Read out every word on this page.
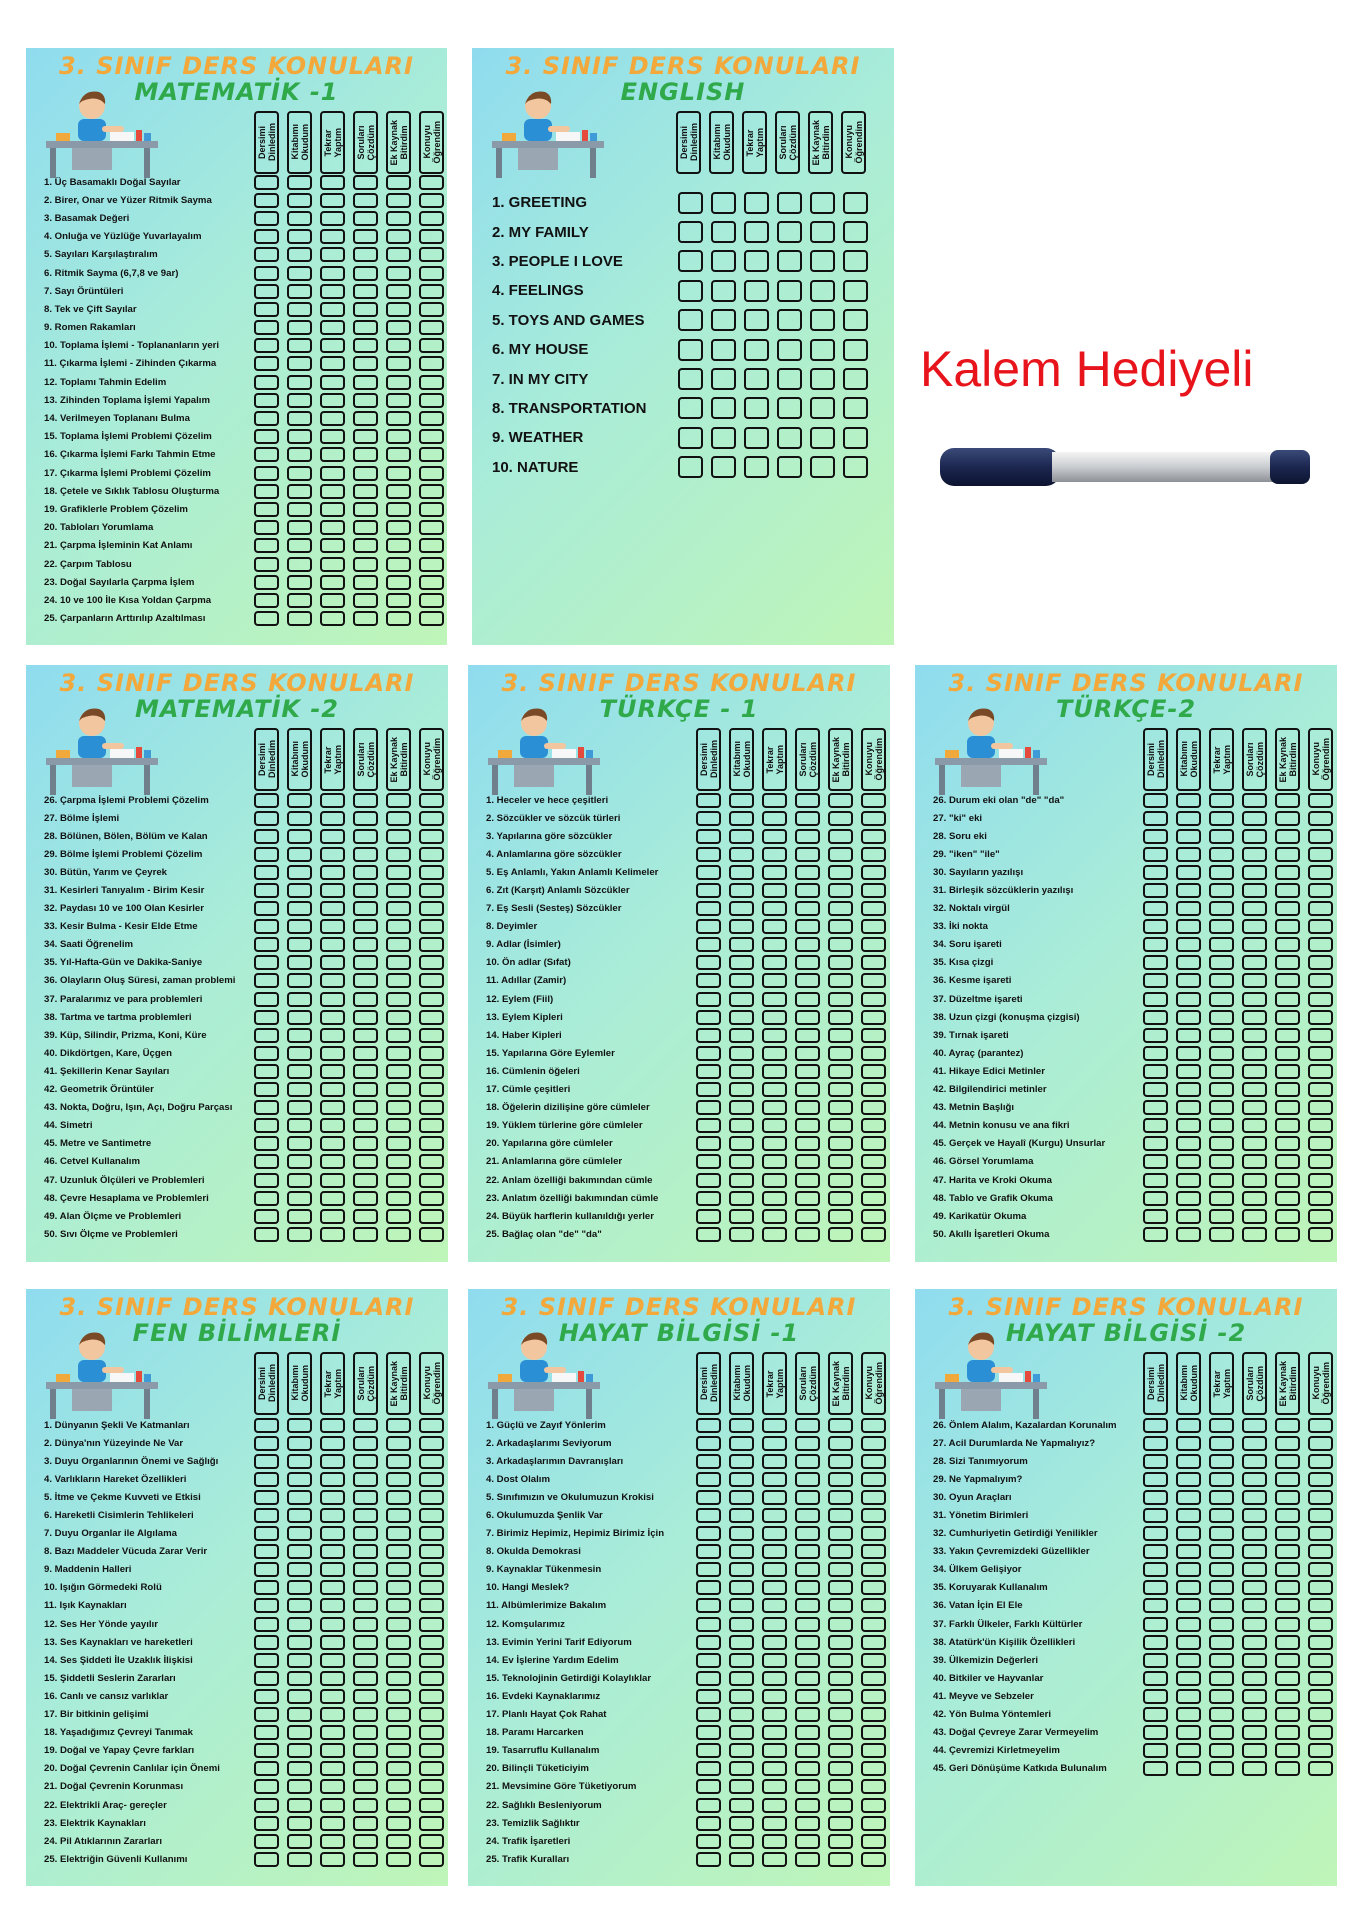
3. SINIF DERS KONULARI
MATEMATİK -1
Dersimi
Dinledim Kitabımı
Okudum Tekrar
Yaptım Soruları
Çözdüm Ek Kaynak
Bitirdim Konuyu
Öğrendim
1. Üç Basamaklı Doğal Sayılar
2. Birer, Onar ve Yüzer Ritmik Sayma
3. Basamak Değeri
4. Onluğa ve Yüzlüğe Yuvarlayalım
5. Sayıları Karşılaştıralım
6. Ritmik Sayma (6,7,8 ve 9ar)
7. Sayı Örüntüleri
8. Tek ve Çift Sayılar
9. Romen Rakamları
10. Toplama İşlemi - Toplananların yeri
11. Çıkarma İşlemi - Zihinden Çıkarma
12. Toplamı Tahmin Edelim
13. Zihinden Toplama İşlemi Yapalım
14. Verilmeyen Toplananı Bulma
15. Toplama İşlemi Problemi Çözelim
16. Çıkarma İşlemi Farkı Tahmin Etme
17. Çıkarma İşlemi Problemi Çözelim
18. Çetele ve Sıklık Tablosu Oluşturma
19. Grafiklerle Problem Çözelim
20. Tabloları Yorumlama
21. Çarpma İşleminin Kat Anlamı
22. Çarpım Tablosu
23. Doğal Sayılarla Çarpma İşlem
24. 10 ve 100 İle Kısa Yoldan Çarpma
25. Çarpanların Arttırılıp Azaltılması
3. SINIF DERS KONULARI
ENGLISH
Dersimi
Dinledim Kitabımı
Okudum Tekrar
Yaptım Soruları
Çözdüm Ek Kaynak
Bitirdim Konuyu
Öğrendim
1. GREETING
2. MY FAMILY
3. PEOPLE I LOVE
4. FEELINGS
5. TOYS AND GAMES
6. MY HOUSE
7. IN MY CITY
8. TRANSPORTATION
9. WEATHER
10. NATURE
3. SINIF DERS KONULARI
MATEMATİK -2
Dersimi
Dinledim Kitabımı
Okudum Tekrar
Yaptım Soruları
Çözdüm Ek Kaynak
Bitirdim Konuyu
Öğrendim
26. Çarpma İşlemi Problemi Çözelim
27. Bölme İşlemi
28. Bölünen, Bölen, Bölüm ve Kalan
29. Bölme İşlemi Problemi Çözelim
30. Bütün, Yarım ve Çeyrek
31. Kesirleri Tanıyalım - Birim Kesir
32. Paydası 10 ve 100 Olan Kesirler
33. Kesir Bulma - Kesir Elde Etme
34. Saati Öğrenelim
35. Yıl-Hafta-Gün ve Dakika-Saniye
36. Olayların Oluş Süresi, zaman problemi
37. Paralarımız ve para problemleri
38. Tartma ve tartma problemleri
39. Küp, Silindir, Prizma, Koni, Küre
40. Dikdörtgen, Kare, Üçgen
41. Şekillerin Kenar Sayıları
42. Geometrik Örüntüler
43. Nokta, Doğru, Işın, Açı, Doğru Parçası
44. Simetri
45. Metre ve Santimetre
46. Cetvel Kullanalım
47. Uzunluk Ölçüleri ve Problemleri
48. Çevre Hesaplama ve Problemleri
49. Alan Ölçme ve Problemleri
50. Sıvı Ölçme ve Problemleri
3. SINIF DERS KONULARI
TÜRKÇE - 1
Dersimi
Dinledim Kitabımı
Okudum Tekrar
Yaptım Soruları
Çözdüm Ek Kaynak
Bitirdim Konuyu
Öğrendim
1. Heceler ve hece çeşitleri
2. Sözcükler ve sözcük türleri
3. Yapılarına göre sözcükler
4. Anlamlarına göre sözcükler
5. Eş Anlamlı, Yakın Anlamlı Kelimeler
6. Zıt (Karşıt) Anlamlı Sözcükler
7. Eş Sesli (Sesteş) Sözcükler
8. Deyimler
9. Adlar (İsimler)
10. Ön adlar (Sıfat)
11. Adıllar (Zamir)
12. Eylem (Fiil)
13. Eylem Kipleri
14. Haber Kipleri
15. Yapılarına Göre Eylemler
16. Cümlenin öğeleri
17. Cümle çeşitleri
18. Öğelerin dizilişine göre cümleler
19. Yüklem türlerine göre cümleler
20. Yapılarına göre cümleler
21. Anlamlarına göre cümleler
22. Anlam özelliği bakımından cümle
23. Anlatım özelliği bakımından cümle
24. Büyük harflerin kullanıldığı yerler
25. Bağlaç olan "de" "da"
3. SINIF DERS KONULARI
TÜRKÇE-2
Dersimi
Dinledim Kitabımı
Okudum Tekrar
Yaptım Soruları
Çözdüm Ek Kaynak
Bitirdim Konuyu
Öğrendim
26. Durum eki olan "de" "da"
27. "ki" eki
28. Soru eki
29. "iken" "ile"
30. Sayıların yazılışı
31. Birleşik sözcüklerin yazılışı
32. Noktalı virgül
33. İki nokta
34. Soru işareti
35. Kısa çizgi
36. Kesme işareti
37. Düzeltme işareti
38. Uzun çizgi (konuşma çizgisi)
39. Tırnak işareti
40. Ayraç (parantez)
41. Hikaye Edici Metinler
42. Bilgilendirici metinler
43. Metnin Başlığı
44. Metnin konusu ve ana fikri
45. Gerçek ve Hayalî (Kurgu) Unsurlar
46. Görsel Yorumlama
47. Harita ve Kroki Okuma
48. Tablo ve Grafik Okuma
49. Karikatür Okuma
50. Akıllı İşaretleri Okuma
3. SINIF DERS KONULARI
FEN BİLİMLERİ
Dersimi
Dinledim Kitabımı
Okudum Tekrar
Yaptım Soruları
Çözdüm Ek Kaynak
Bitirdim Konuyu
Öğrendim
1. Dünyanın Şekli Ve Katmanları
2. Dünya'nın Yüzeyinde Ne Var
3. Duyu Organlarının Önemi ve Sağlığı
4. Varlıkların Hareket Özellikleri
5. İtme ve Çekme Kuvveti ve Etkisi
6. Hareketli Cisimlerin Tehlikeleri
7. Duyu Organlar ile Algılama
8. Bazı Maddeler Vücuda Zarar Verir
9. Maddenin Halleri
10. Işığın Görmedeki Rolü
11. Işık Kaynakları
12. Ses Her Yönde yayılır
13. Ses Kaynakları ve hareketleri
14. Ses Şiddeti İle Uzaklık İlişkisi
15. Şiddetli Seslerin Zararları
16. Canlı ve cansız varlıklar
17. Bir bitkinin gelişimi
18. Yaşadığımız Çevreyi Tanımak
19. Doğal ve Yapay Çevre farkları
20. Doğal Çevrenin Canlılar için Önemi
21. Doğal Çevrenin Korunması
22. Elektrikli Araç- gereçler
23. Elektrik Kaynakları
24. Pil Atıklarının Zararları
25. Elektriğin Güvenli Kullanımı
3. SINIF DERS KONULARI
HAYAT BİLGİSİ -1
Dersimi
Dinledim Kitabımı
Okudum Tekrar
Yaptım Soruları
Çözdüm Ek Kaynak
Bitirdim Konuyu
Öğrendim
1. Güçlü ve Zayıf Yönlerim
2. Arkadaşlarımı Seviyorum
3. Arkadaşlarımın Davranışları
4. Dost Olalım
5. Sınıfımızın ve Okulumuzun Krokisi
6. Okulumuzda Şenlik Var
7. Birimiz Hepimiz, Hepimiz Birimiz İçin
8. Okulda Demokrasi
9. Kaynaklar Tükenmesin
10. Hangi Meslek?
11. Albümlerimize Bakalım
12. Komşularımız
13. Evimin Yerini Tarif Ediyorum
14. Ev İşlerine Yardım Edelim
15. Teknolojinin Getirdiği Kolaylıklar
16. Evdeki Kaynaklarımız
17. Planlı Hayat Çok Rahat
18. Paramı Harcarken
19. Tasarruflu Kullanalım
20. Bilinçli Tüketiciyim
21. Mevsimine Göre Tüketiyorum
22. Sağlıklı Besleniyorum
23. Temizlik Sağlıktır
24. Trafik İşaretleri
25. Trafik Kuralları
3. SINIF DERS KONULARI
HAYAT BİLGİSİ -2
Dersimi
Dinledim Kitabımı
Okudum Tekrar
Yaptım Soruları
Çözdüm Ek Kaynak
Bitirdim Konuyu
Öğrendim
26. Önlem Alalım, Kazalardan Korunalım
27. Acil Durumlarda Ne Yapmalıyız?
28. Sizi Tanımıyorum
29. Ne Yapmalıyım?
30. Oyun Araçları
31. Yönetim Birimleri
32. Cumhuriyetin Getirdiği Yenilikler
33. Yakın Çevremizdeki Güzellikler
34. Ülkem Gelişiyor
35. Koruyarak Kullanalım
36. Vatan İçin El Ele
37. Farklı Ülkeler, Farklı Kültürler
38. Atatürk'ün Kişilik Özellikleri
39. Ülkemizin Değerleri
40. Bitkiler ve Hayvanlar
41. Meyve ve Sebzeler
42. Yön Bulma Yöntemleri
43. Doğal Çevreye Zarar Vermeyelim
44. Çevremizi Kirletmeyelim
45. Geri Dönüşüme Katkıda Bulunalım
Kalem Hediyeli
